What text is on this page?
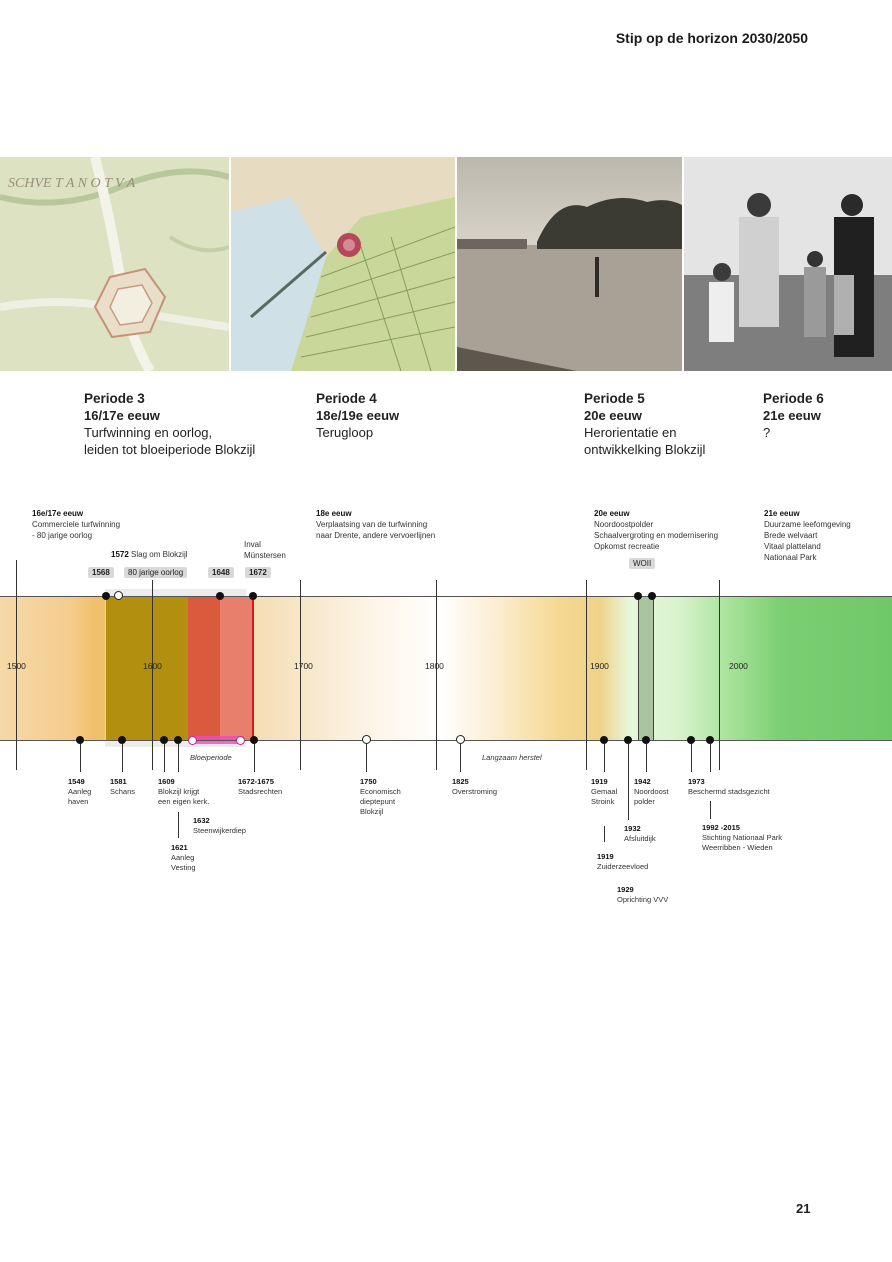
Stip op de horizon 2030/2050
SCHVE T A N O T V A
Periode 3
16/17e eeuw
Turfwinning en oorlog,
leiden tot bloeiperiode Blokzijl
Periode 4
18e/19e eeuw
Terugloop
Periode 5
20e eeuw
Herorientatie en
ontwikkelking Blokzijl
Periode 6
21e eeuw
?
16e/17e eeuw
Commerciele turfwinning
- 80 jarige oorlog
18e eeuw
Verplaatsing van de turfwinning
naar Drente, andere vervoerlijnen
20e eeuw
Noordoostpolder
Schaalvergroting en modernisering
Opkomst recreatie
21e eeuw
Duurzame leefomgeving
Brede welvaart
Vitaal platteland
Nationaal Park
1572 Slag om Blokzijl
Inval
Münstersen
1568	80 jarige oorlog	1648	1672
WOII
1500	1600	1700	1800	1900	2000
Bloeiperiode	Langzaam herstel
1549
Aanleg
haven
1581
Schans
1609
Blokzijl krijgt
een eigen kerk.
1632
Steenwijkerdiep
1621
Aanleg
Vesting
1672-1675
Stadsrechten
1750
Economisch
dieptepunt
Blokzijl
1825
Overstroming
1919
Gemaal
Stroink
1942
Noordoost
polder
1932
Afsluitdijk
1919
Zuiderzeevloed
1929
Oprichting VVV
1973
Beschermd stadsgezicht
1992 -2015
Stichting Nationaal Park
Weerribben - Wieden
21
